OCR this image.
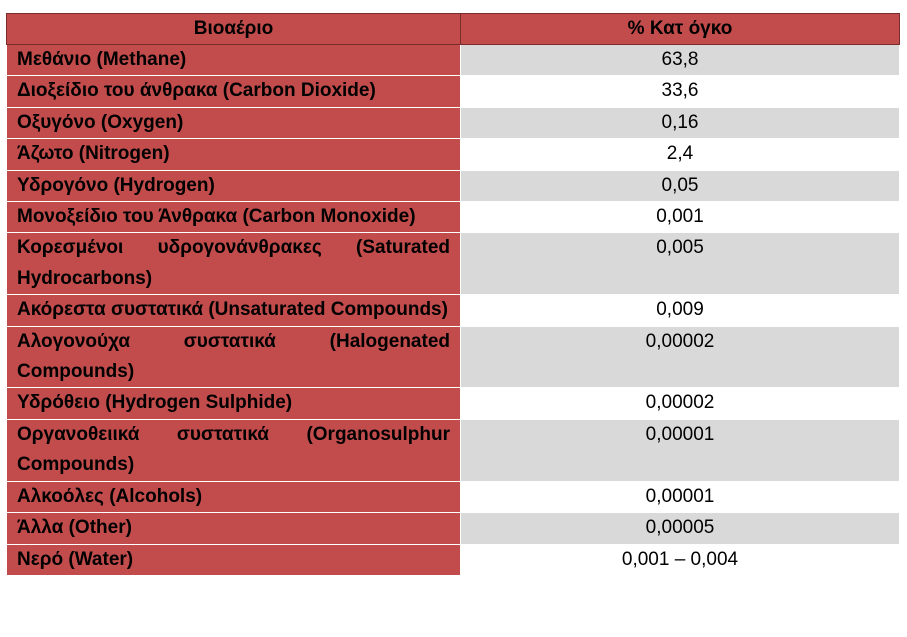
Βιοαέριο	% Κατ όγκο
Μεθάνιο (Methane)	63,8
Διοξείδιο του άνθρακα (Carbon Dioxide)	33,6
Οξυγόνο (Oxygen)	0,16
Άζωτο (Nitrogen)	2,4
Υδρογόνο (Hydrogen)	0,05
Μονοξείδιο του Άνθρακα (Carbon Monoxide)	0,001
Κορεσμένοι υδρογονάνθρακες (Saturated Hydrocarbons)	0,005
Ακόρεστα συστατικά (Unsaturated Compounds)	0,009
Αλογονούχα συστατικά (Halogenated Compounds)	0,00002
Υδρόθειο (Hydrogen Sulphide)	0,00002
Οργανοθειικά συστατικά (Organosulphur Compounds)	0,00001
Αλκοόλες (Alcohols)	0,00001
Άλλα (Other)	0,00005
Νερό (Water)	0,001 – 0,004
